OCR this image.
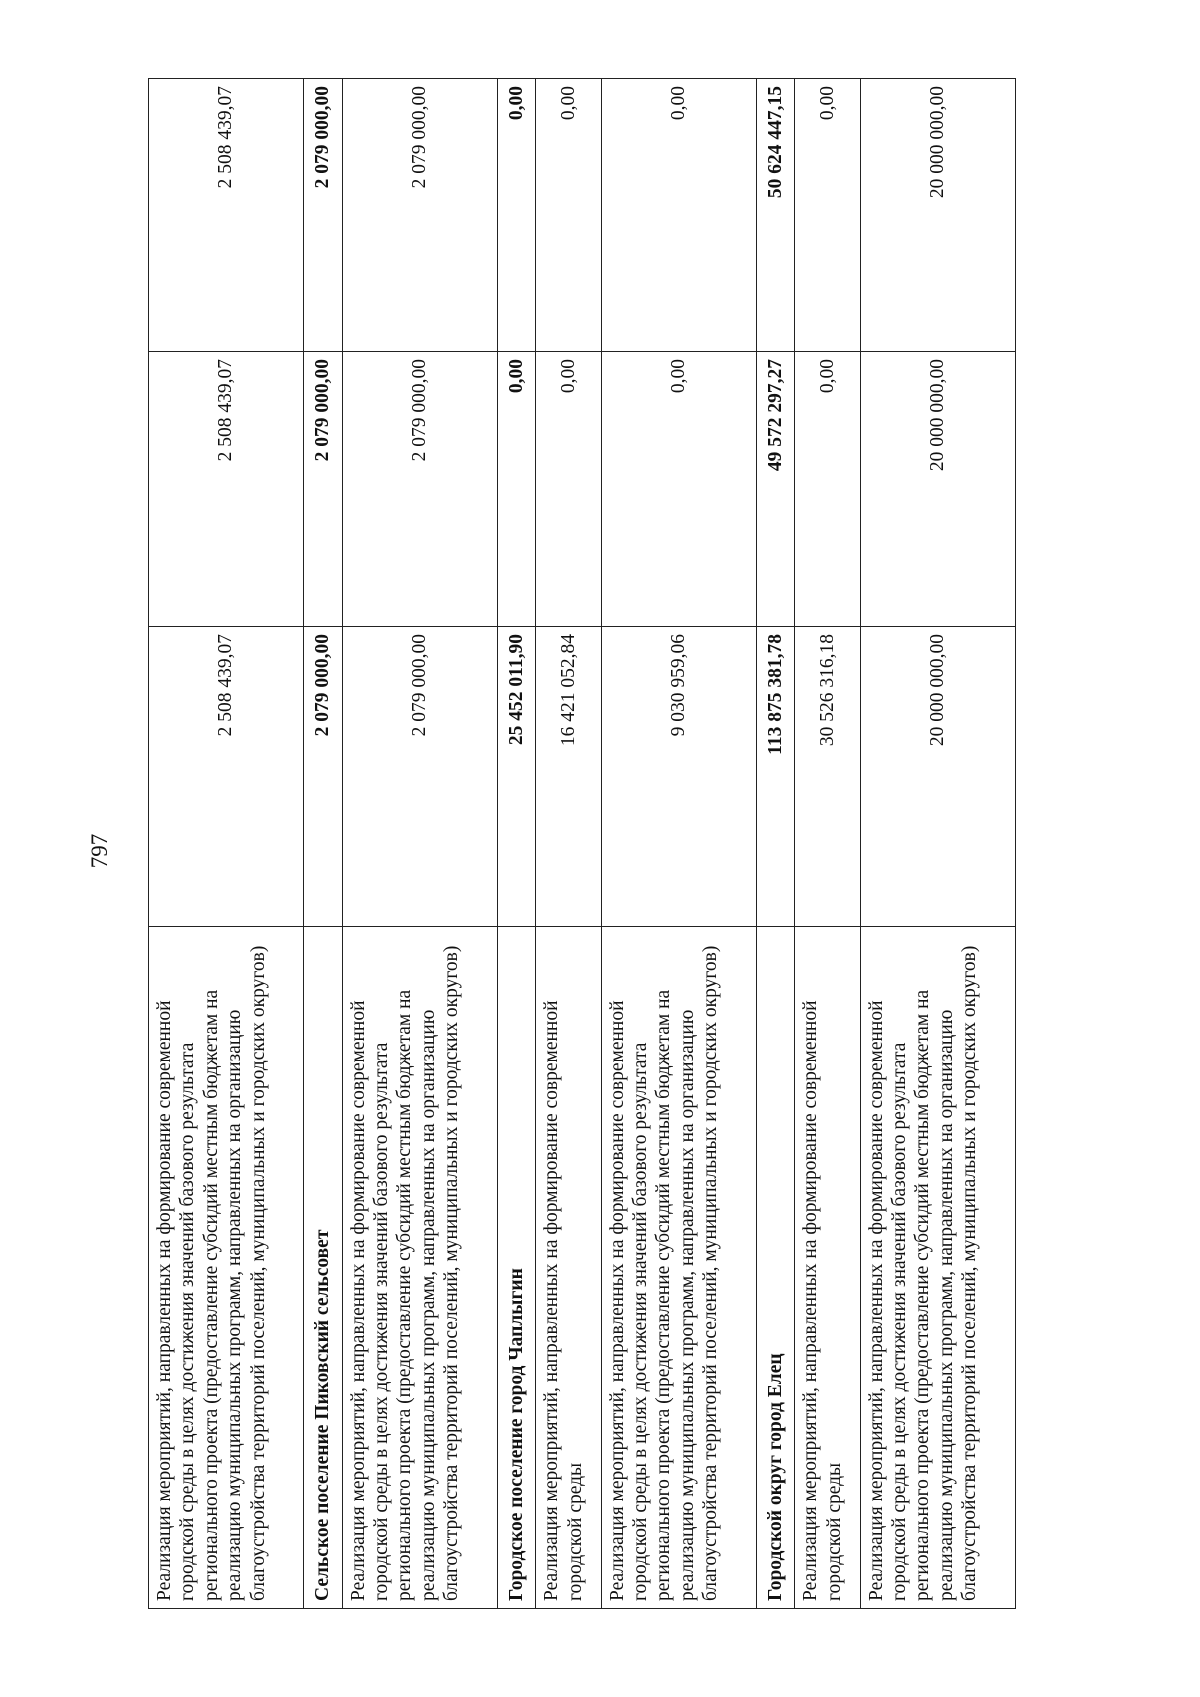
797
Реализация мероприятий, направленных на формирование современной городской среды в целях достижения значений базового результата регионального проекта (предоставление субсидий местным бюджетам на реализацию муниципальных программ, направленных на организацию благоустройства территорий поселений, муниципальных и городских округов)	2 508 439,07	2 508 439,07	2 508 439,07
Сельское поселение Пиковский сельсовет	2 079 000,00	2 079 000,00	2 079 000,00
Реализация мероприятий, направленных на формирование современной городской среды в целях достижения значений базового результата регионального проекта (предоставление субсидий местным бюджетам на реализацию муниципальных программ, направленных на организацию благоустройства территорий поселений, муниципальных и городских округов)	2 079 000,00	2 079 000,00	2 079 000,00
Городское поселение город Чаплыгин	25 452 011,90	0,00	0,00
Реализация мероприятий, направленных на формирование современной городской среды	16 421 052,84	0,00	0,00
Реализация мероприятий, направленных на формирование современной городской среды в целях достижения значений базового результата регионального проекта (предоставление субсидий местным бюджетам на реализацию муниципальных программ, направленных на организацию благоустройства территорий поселений, муниципальных и городских округов)	9 030 959,06	0,00	0,00
Городской округ город Елец	113 875 381,78	49 572 297,27	50 624 447,15
Реализация мероприятий, направленных на формирование современной городской среды	30 526 316,18	0,00	0,00
Реализация мероприятий, направленных на формирование современной городской среды в целях достижения значений базового результата регионального проекта (предоставление субсидий местным бюджетам на реализацию муниципальных программ, направленных на организацию благоустройства территорий поселений, муниципальных и городских округов)	20 000 000,00	20 000 000,00	20 000 000,00
